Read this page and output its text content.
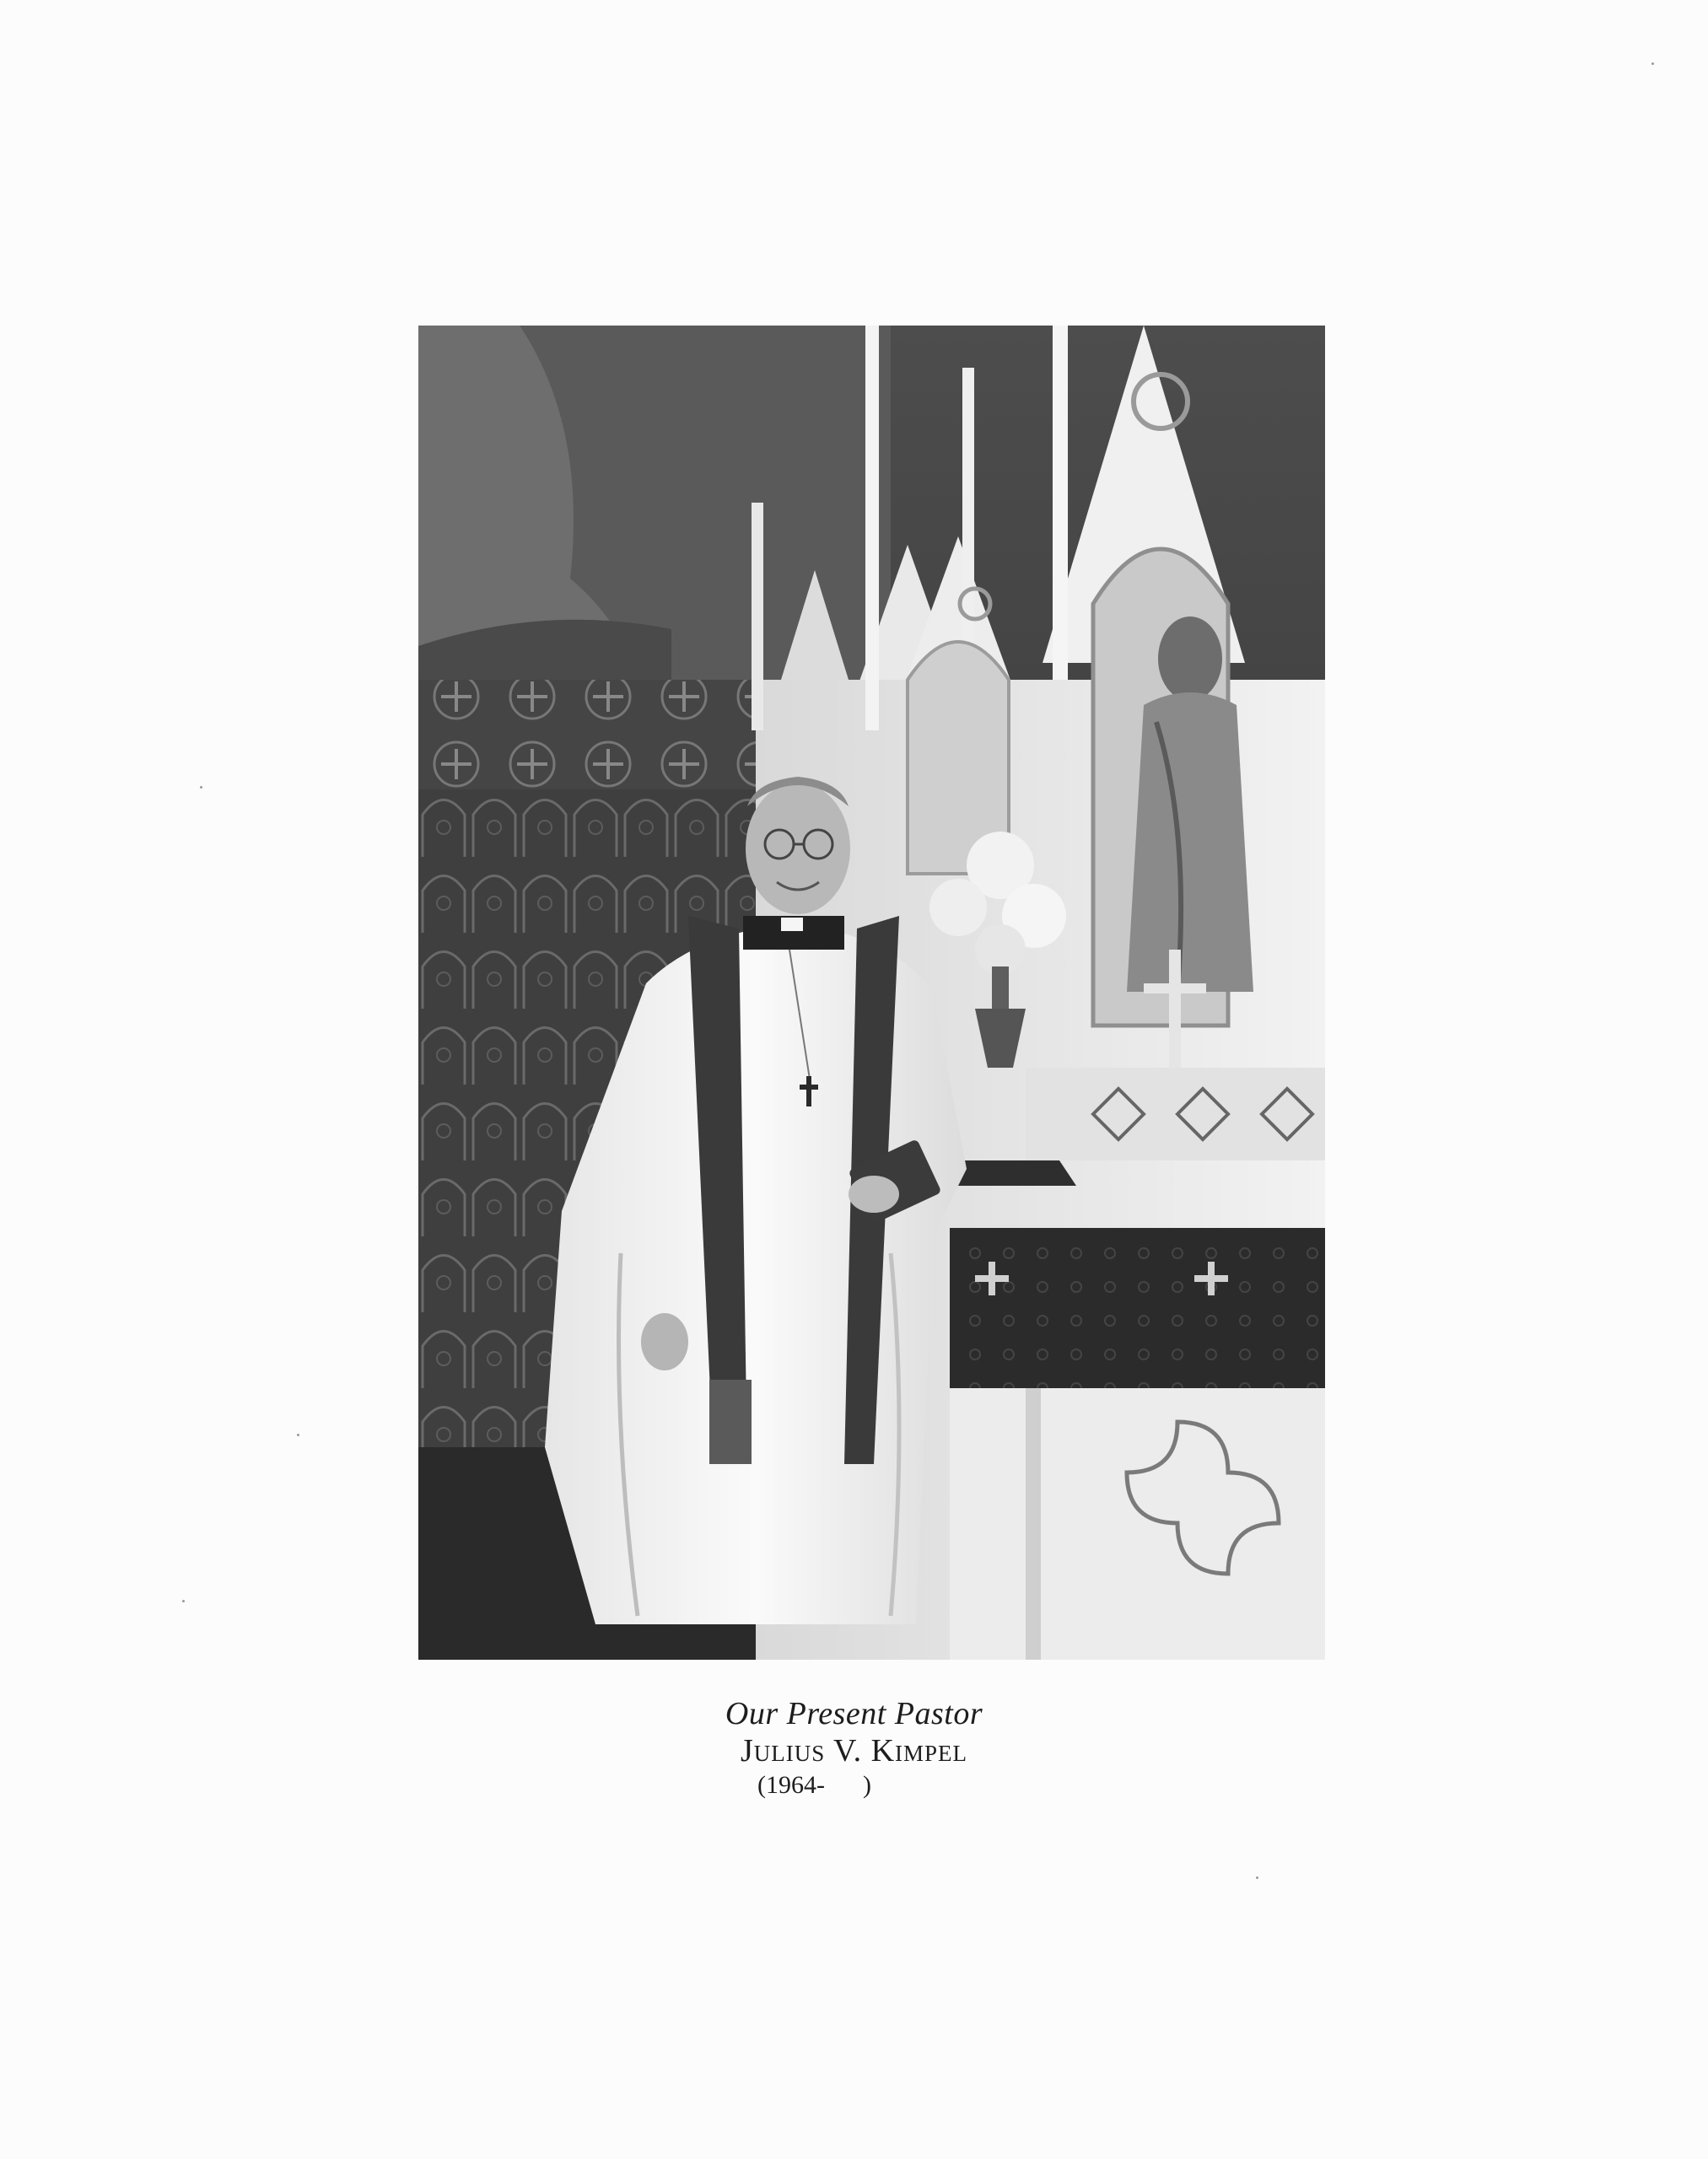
Our Present Pastor
Julius V. Kimpel
(1964-      )
